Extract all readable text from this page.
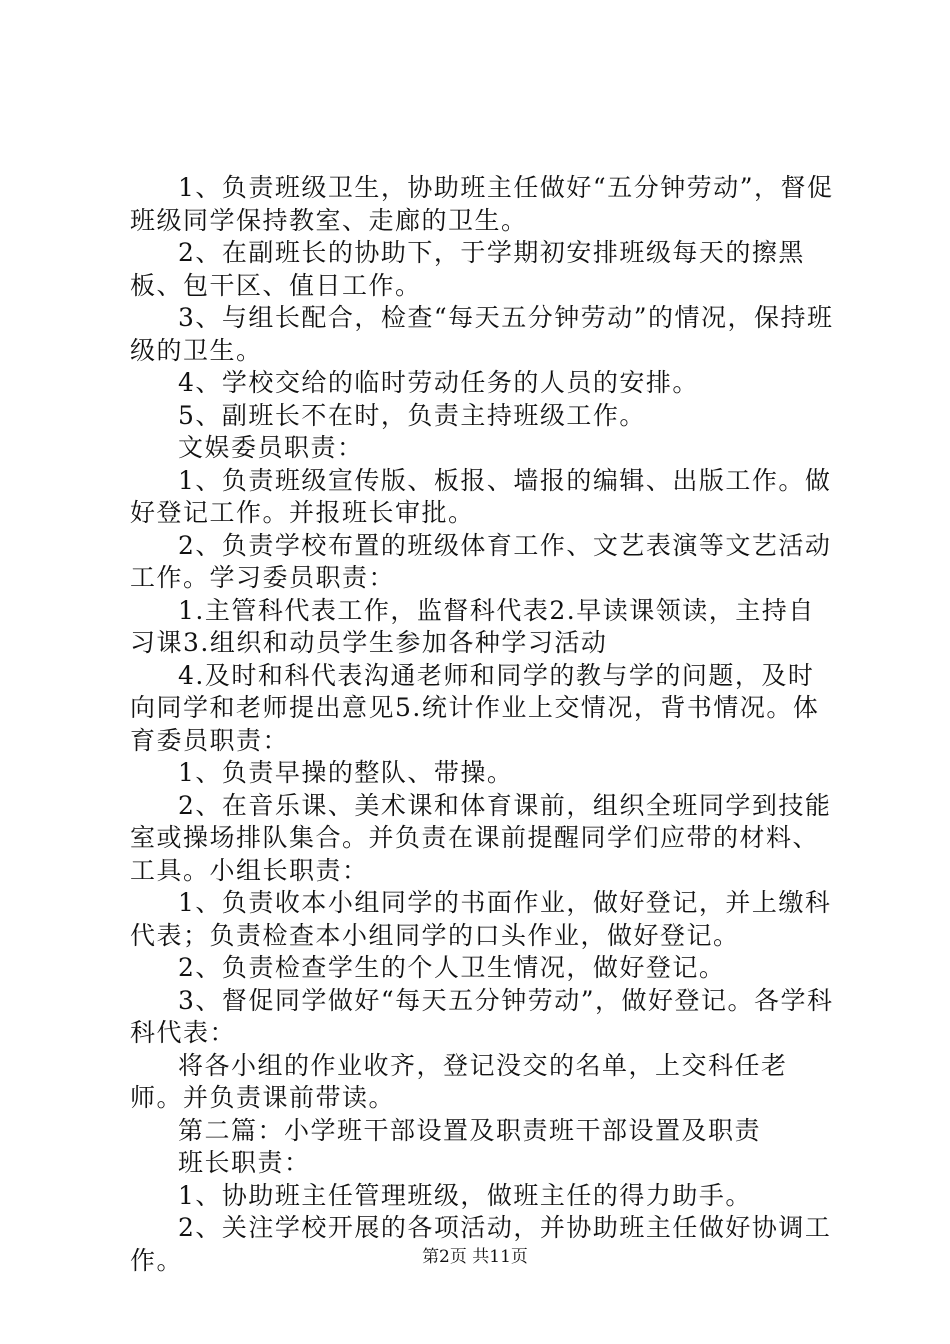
1、负责班级卫生，协助班主任做好“五分钟劳动”，督促班级同学保持教室、走廊的卫生。

2、在副班长的协助下，于学期初安排班级每天的擦黑板、包干区、值日工作。

3、与组长配合，检查“每天五分钟劳动”的情况，保持班级的卫生。

4、学校交给的临时劳动任务的人员的安排。

5、副班长不在时，负责主持班级工作。

文娱委员职责：

1、负责班级宣传版、板报、墙报的编辑、出版工作。做好登记工作。并报班长审批。

2、负责学校布置的班级体育工作、文艺表演等文艺活动工作。学习委员职责：

1.主管科代表工作，监督科代表2.早读课领读，主持自习课3.组织和动员学生参加各种学习活动

4.及时和科代表沟通老师和同学的教与学的问题，及时向同学和老师提出意见5.统计作业上交情况，背书情况。体育委员职责：

1、负责早操的整队、带操。

2、在音乐课、美术课和体育课前，组织全班同学到技能室或操场排队集合。并负责在课前提醒同学们应带的材料、工具。小组长职责：

1、负责收本小组同学的书面作业，做好登记，并上缴科代表；负责检查本小组同学的口头作业，做好登记。

2、负责检查学生的个人卫生情况，做好登记。

3、督促同学做好“每天五分钟劳动”，做好登记。各学科科代表：

将各小组的作业收齐，登记没交的名单，上交科任老师。并负责课前带读。

第二篇：小学班干部设置及职责班干部设置及职责

班长职责：

1、协助班主任管理班级，做班主任的得力助手。

2、关注学校开展的各项活动，并协助班主任做好协调工作。	第2页 共11页
